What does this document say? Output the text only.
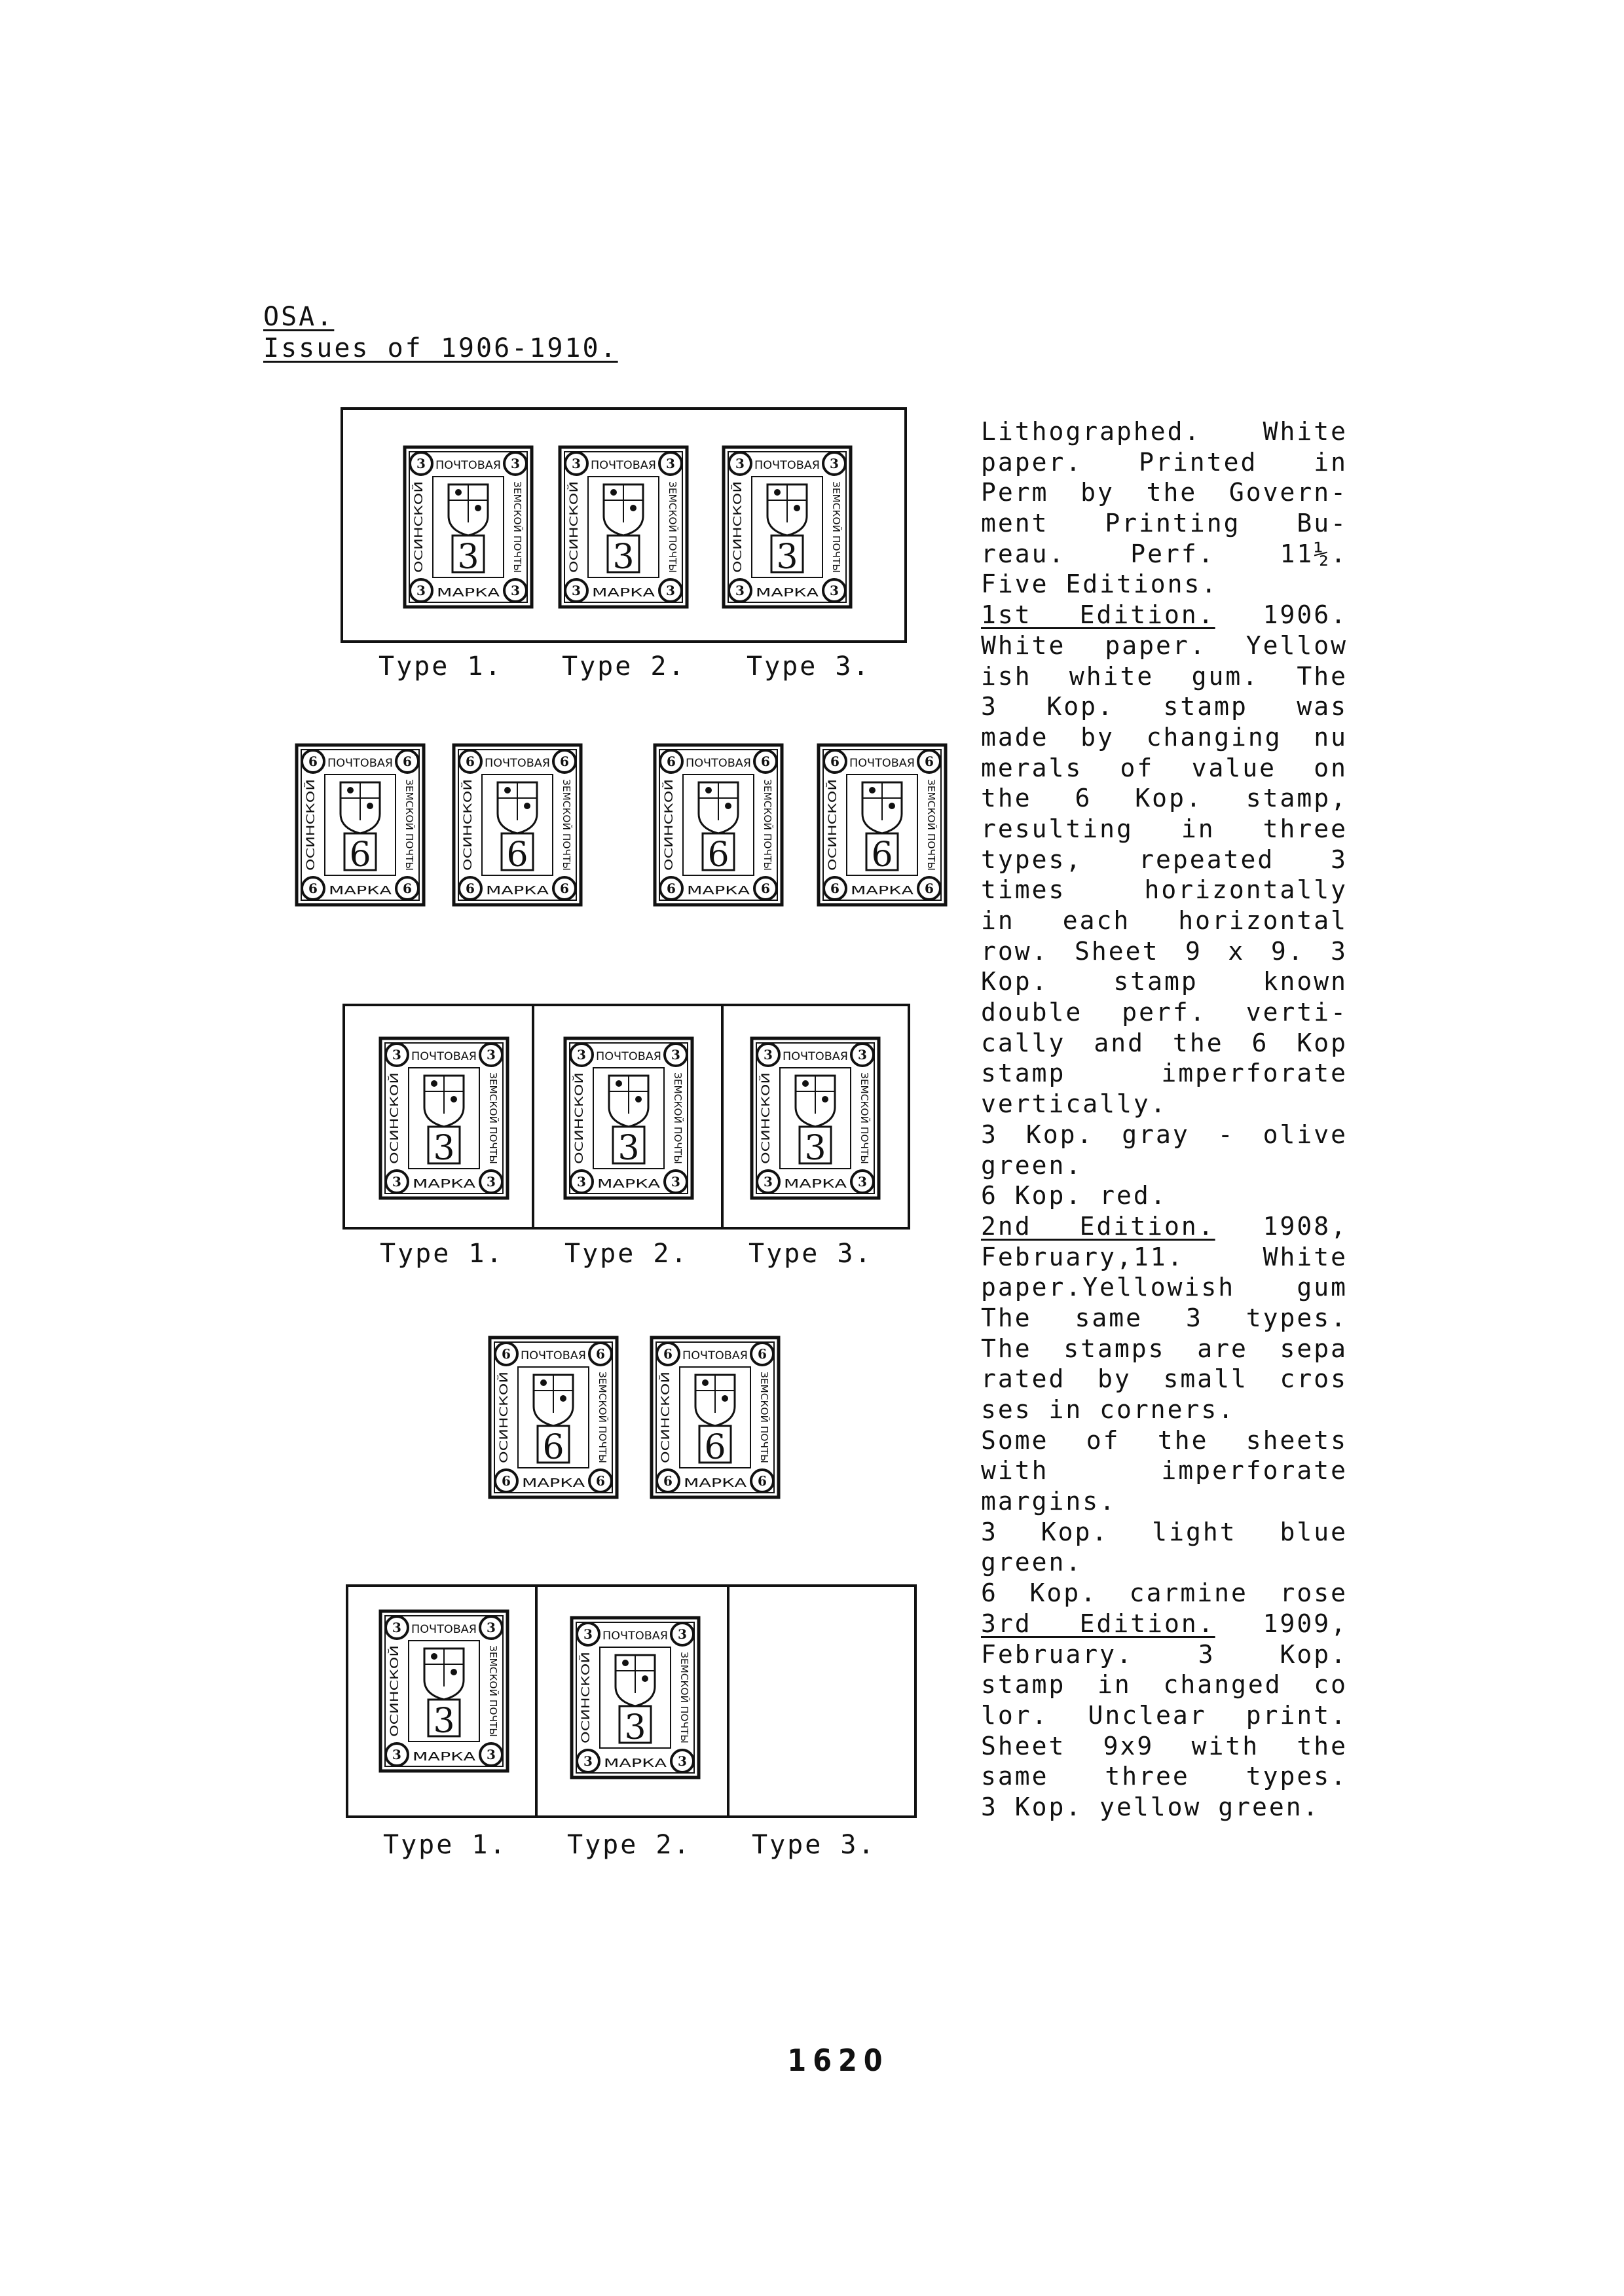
OSA.
Issues of 1906-1910.
3	3
3	3
ПОЧТОВАЯ
МАРКА
ОСИНСКОЙ	ЗЕМСКОЙ ПОЧТЫ
3
3	3
3	3
ПОЧТОВАЯ
МАРКА
ОСИНСКОЙ	ЗЕМСКОЙ ПОЧТЫ
3
3	3
3	3
ПОЧТОВАЯ
МАРКА
ОСИНСКОЙ	ЗЕМСКОЙ ПОЧТЫ
3
Type 1. Type 2. Type 3.
6	6
6	6
ПОЧТОВАЯ
МАРКА
ОСИНСКОЙ	ЗЕМСКОЙ ПОЧТЫ
6
6	6
6	6
ПОЧТОВАЯ
МАРКА
ОСИНСКОЙ	ЗЕМСКОЙ ПОЧТЫ
6
6	6
6	6
ПОЧТОВАЯ
МАРКА
ОСИНСКОЙ	ЗЕМСКОЙ ПОЧТЫ
6
6	6
6	6
ПОЧТОВАЯ
МАРКА
ОСИНСКОЙ	ЗЕМСКОЙ ПОЧТЫ
6
3	3
3	3
ПОЧТОВАЯ
МАРКА
ОСИНСКОЙ	ЗЕМСКОЙ ПОЧТЫ
3
3	3
3	3
ПОЧТОВАЯ
МАРКА
ОСИНСКОЙ	ЗЕМСКОЙ ПОЧТЫ
3
3	3
3	3
ПОЧТОВАЯ
МАРКА
ОСИНСКОЙ	ЗЕМСКОЙ ПОЧТЫ
3
Type 1. Type 2. Type 3.
6	6
6	6
ПОЧТОВАЯ
МАРКА
ОСИНСКОЙ	ЗЕМСКОЙ ПОЧТЫ
6
6	6
6	6
ПОЧТОВАЯ
МАРКА
ОСИНСКОЙ	ЗЕМСКОЙ ПОЧТЫ
6
3	3
3	3
ПОЧТОВАЯ
МАРКА
ОСИНСКОЙ	ЗЕМСКОЙ ПОЧТЫ
3
3	3
3	3
ПОЧТОВАЯ
МАРКА
ОСИНСКОЙ	ЗЕМСКОЙ ПОЧТЫ
3
Type 1. Type 2. Type 3.
Lithographed. White
paper. Printed in
Perm by the Govern-
ment Printing Bu-
reau. Perf. 11½.
Five Editions.
1st Edition. 1906.
White paper. Yellow
ish white gum. The
3 Kop. stamp was
made by changing nu
merals of value on
the 6 Kop. stamp,
resulting in three
types, repeated 3
times horizontally
in each horizontal
row. Sheet 9 x 9. 3
Kop. stamp known
double perf. verti-
cally and the 6 Kop
stamp imperforate
vertically.
3 Kop. gray - olive
green.
6 Kop. red.
2nd Edition. 1908,
February,11. White
paper.Yellowish gum
The same 3 types.
The stamps are sepa
rated by small cros
ses in corners.
Some of the sheets
with imperforate
margins.
3 Kop. light blue
green.
6 Kop. carmine rose
3rd Edition. 1909,
February. 3 Kop.
stamp in changed co
lor. Unclear print.
Sheet 9x9 with the
same three types.
3 Kop. yellow green.
1620
